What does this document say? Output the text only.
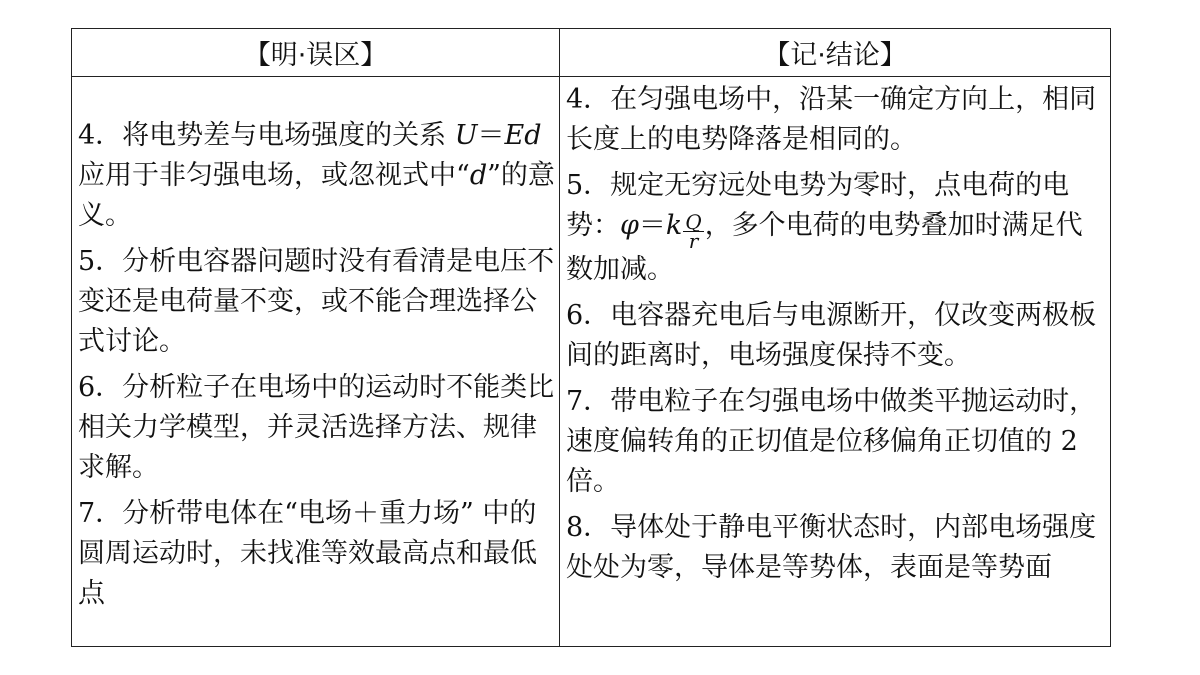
【明·误区】	【记·结论】
4．将电势差与电场强度的关系 U＝Ed 应用于非匀强电场，或忽视式中“d”的意义。
5．分析电容器问题时没有看清是电压不变还是电荷量不变，或不能合理选择公式讨论。
6．分析粒子在电场中的运动时不能类比相关力学模型，并灵活选择方法、规律求解。
7．分析带电体在“电场＋重力场” 中的圆周运动时，未找准等效最高点和最低点
4．在匀强电场中，沿某一确定方向上，相同长度上的电势降落是相同的。
5．规定无穷远处电势为零时，点电荷的电势：$\varphi=k \frac{Q}{r}$ ，多个电荷的电势叠加时满足代数加减。
6．电容器充电后与电源断开，仅改变两极板间的距离时，电场强度保持不变。
7．带电粒子在匀强电场中做类平抛运动时，速度偏转角的正切值是位移偏角正切值的 2 倍。
8．导体处于静电平衡状态时，内部电场强度处处为零，导体是等势体，表面是等势面
